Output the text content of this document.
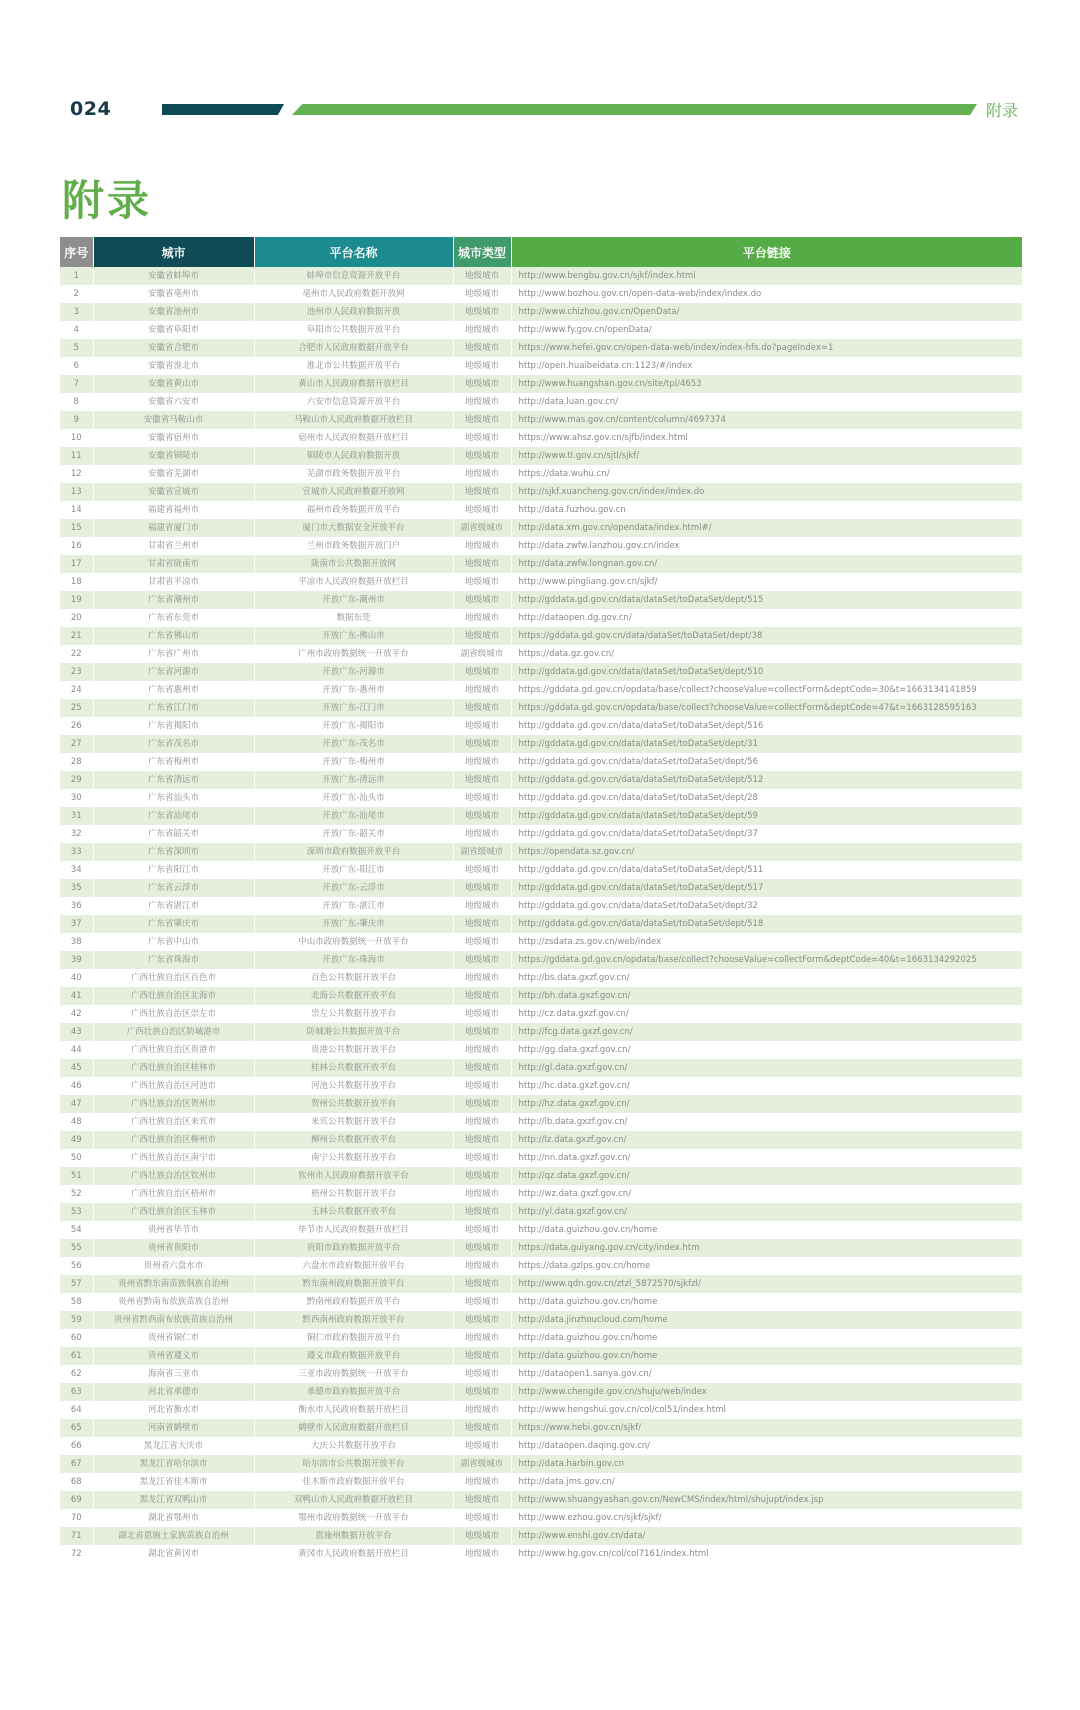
024	附录
附录
序号	城市	平台名称	城市类型	平台链接
1	安徽省蚌埠市	蚌埠市信息资源开放平台	地级城市	http://www.bengbu.gov.cn/sjkf/index.html
2	安徽省亳州市	亳州市人民政府数据开放网	地级城市	http://www.bozhou.gov.cn/open-data-web/index/index.do
3	安徽省池州市	池州市人民政府数据开放	地级城市	http://www.chizhou.gov.cn/OpenData/
4	安徽省阜阳市	阜阳市公共数据开放平台	地级城市	http://www.fy.gov.cn/openData/
5	安徽省合肥市	合肥市人民政府数据开放平台	地级城市	https://www.hefei.gov.cn/open-data-web/index/index-hfs.do?pageIndex=1
6	安徽省淮北市	淮北市公共数据开放平台	地级城市	http://open.huaibeidata.cn:1123/#/index
7	安徽省黄山市	黄山市人民政府数据开放栏目	地级城市	http://www.huangshan.gov.cn/site/tpl/4653
8	安徽省六安市	六安市信息资源开放平台	地级城市	http://data.luan.gov.cn/
9	安徽省马鞍山市	马鞍山市人民政府数据开放栏目	地级城市	http://www.mas.gov.cn/content/column/4697374
10	安徽省宿州市	宿州市人民政府数据开放栏目	地级城市	https://www.ahsz.gov.cn/sjfb/index.html
11	安徽省铜陵市	铜陵市人民政府数据开放	地级城市	http://www.tl.gov.cn/sjtl/sjkf/
12	安徽省芜湖市	芜湖市政务数据开放平台	地级城市	https://data.wuhu.cn/
13	安徽省宣城市	宣城市人民政府数据开放网	地级城市	http://sjkf.xuancheng.gov.cn/index/index.do
14	福建省福州市	福州市政务数据开放平台	地级城市	http://data.fuzhou.gov.cn
15	福建省厦门市	厦门市大数据安全开放平台	副省级城市	http://data.xm.gov.cn/opendata/index.html#/
16	甘肃省兰州市	兰州市政务数据开放门户	地级城市	http://data.zwfw.lanzhou.gov.cn/index
17	甘肃省陇南市	陇南市公共数据开放网	地级城市	http://data.zwfw.longnan.gov.cn/
18	甘肃省平凉市	平凉市人民政府数据开放栏目	地级城市	http://www.pingliang.gov.cn/sjkf/
19	广东省潮州市	开放广东-潮州市	地级城市	http://gddata.gd.gov.cn/data/dataSet/toDataSet/dept/515
20	广东省东莞市	数据东莞	地级城市	http://dataopen.dg.gov.cn/
21	广东省佛山市	开放广东-佛山市	地级城市	https://gddata.gd.gov.cn/data/dataSet/toDataSet/dept/38
22	广东省广州市	广州市政府数据统一开放平台	副省级城市	https://data.gz.gov.cn/
23	广东省河源市	开放广东-河源市	地级城市	http://gddata.gd.gov.cn/data/dataSet/toDataSet/dept/510
24	广东省惠州市	开放广东-惠州市	地级城市	https://gddata.gd.gov.cn/opdata/base/collect?chooseValue=collectForm&deptCode=30&t=1663134141859
25	广东省江门市	开放广东-江门市	地级城市	https://gddata.gd.gov.cn/opdata/base/collect?chooseValue=collectForm&deptCode=47&t=1663128595163
26	广东省揭阳市	开放广东-揭阳市	地级城市	http://gddata.gd.gov.cn/data/dataSet/toDataSet/dept/516
27	广东省茂名市	开放广东-茂名市	地级城市	http://gddata.gd.gov.cn/data/dataSet/toDataSet/dept/31
28	广东省梅州市	开放广东-梅州市	地级城市	http://gddata.gd.gov.cn/data/dataSet/toDataSet/dept/56
29	广东省清远市	开放广东-清远市	地级城市	http://gddata.gd.gov.cn/data/dataSet/toDataSet/dept/512
30	广东省汕头市	开放广东-汕头市	地级城市	http://gddata.gd.gov.cn/data/dataSet/toDataSet/dept/28
31	广东省汕尾市	开放广东-汕尾市	地级城市	http://gddata.gd.gov.cn/data/dataSet/toDataSet/dept/59
32	广东省韶关市	开放广东-韶关市	地级城市	http://gddata.gd.gov.cn/data/dataSet/toDataSet/dept/37
33	广东省深圳市	深圳市政府数据开放平台	副省级城市	https://opendata.sz.gov.cn/
34	广东省阳江市	开放广东-阳江市	地级城市	http://gddata.gd.gov.cn/data/dataSet/toDataSet/dept/511
35	广东省云浮市	开放广东-云浮市	地级城市	http://gddata.gd.gov.cn/data/dataSet/toDataSet/dept/517
36	广东省湛江市	开放广东-湛江市	地级城市	http://gddata.gd.gov.cn/data/dataSet/toDataSet/dept/32
37	广东省肇庆市	开放广东-肇庆市	地级城市	http://gddata.gd.gov.cn/data/dataSet/toDataSet/dept/518
38	广东省中山市	中山市政府数据统一开放平台	地级城市	http://zsdata.zs.gov.cn/web/index
39	广东省珠海市	开放广东-珠海市	地级城市	https://gddata.gd.gov.cn/opdata/base/collect?chooseValue=collectForm&deptCode=40&t=1663134292025
40	广西壮族自治区百色市	百色公共数据开放平台	地级城市	http://bs.data.gxzf.gov.cn/
41	广西壮族自治区北海市	北海公共数据开放平台	地级城市	http://bh.data.gxzf.gov.cn/
42	广西壮族自治区崇左市	崇左公共数据开放平台	地级城市	http://cz.data.gxzf.gov.cn/
43	广西壮族自治区防城港市	防城港公共数据开放平台	地级城市	http://fcg.data.gxzf.gov.cn/
44	广西壮族自治区贵港市	贵港公共数据开放平台	地级城市	http://gg.data.gxzf.gov.cn/
45	广西壮族自治区桂林市	桂林公共数据开放平台	地级城市	http://gl.data.gxzf.gov.cn/
46	广西壮族自治区河池市	河池公共数据开放平台	地级城市	http://hc.data.gxzf.gov.cn/
47	广西壮族自治区贺州市	贺州公共数据开放平台	地级城市	http://hz.data.gxzf.gov.cn/
48	广西壮族自治区来宾市	来宾公共数据开放平台	地级城市	http://lb.data.gxzf.gov.cn/
49	广西壮族自治区柳州市	柳州公共数据开放平台	地级城市	http://lz.data.gxzf.gov.cn/
50	广西壮族自治区南宁市	南宁公共数据开放平台	地级城市	http://nn.data.gxzf.gov.cn/
51	广西壮族自治区钦州市	钦州市人民政府数据开放平台	地级城市	http://qz.data.gxzf.gov.cn/
52	广西壮族自治区梧州市	梧州公共数据开放平台	地级城市	http://wz.data.gxzf.gov.cn/
53	广西壮族自治区玉林市	玉林公共数据开放平台	地级城市	http://yl.data.gxzf.gov.cn/
54	贵州省毕节市	毕节市人民政府数据开放栏目	地级城市	http://data.guizhou.gov.cn/home
55	贵州省贵阳市	贵阳市政府数据开放平台	地级城市	https://data.guiyang.gov.cn/city/index.htm
56	贵州省六盘水市	六盘水市政府数据开放平台	地级城市	https://data.gzlps.gov.cn/home
57	贵州省黔东南苗族侗族自治州	黔东南州政府数据开放平台	地级城市	http://www.qdn.gov.cn/ztzl_5872570/sjkfzl/
58	贵州省黔南布依族苗族自治州	黔南州政府数据开放平台	地级城市	http://data.guizhou.gov.cn/home
59	贵州省黔西南布依族苗族自治州	黔西南州政府数据开放平台	地级城市	http://data.jinzhoucloud.com/home
60	贵州省铜仁市	铜仁市政府数据开放平台	地级城市	http://data.guizhou.gov.cn/home
61	贵州省遵义市	遵义市政府数据开放平台	地级城市	http://data.guizhou.gov.cn/home
62	海南省三亚市	三亚市政府数据统一开放平台	地级城市	http://dataopen1.sanya.gov.cn/
63	河北省承德市	承德市政府数据开放平台	地级城市	http://www.chengde.gov.cn/shuju/web/index
64	河北省衡水市	衡水市人民政府数据开放栏目	地级城市	http://www.hengshui.gov.cn/col/col51/index.html
65	河南省鹤壁市	鹤壁市人民政府数据开放栏目	地级城市	https://www.hebi.gov.cn/sjkf/
66	黑龙江省大庆市	大庆公共数据开放平台	地级城市	http://dataopen.daqing.gov.cn/
67	黑龙江省哈尔滨市	哈尔滨市公共数据开放平台	副省级城市	http://data.harbin.gov.cn
68	黑龙江省佳木斯市	佳木斯市政府数据开放平台	地级城市	http://data.jms.gov.cn/
69	黑龙江省双鸭山市	双鸭山市人民政府数据开放栏目	地级城市	http://www.shuangyashan.gov.cn/NewCMS/index/html/shujupt/index.jsp
70	湖北省鄂州市	鄂州市政府数据统一开放平台	地级城市	http://www.ezhou.gov.cn/sjkf/sjkf/
71	湖北省恩施土家族苗族自治州	恩施州数据开放平台	地级城市	http://www.enshi.gov.cn/data/
72	湖北省黄冈市	黄冈市人民政府数据开放栏目	地级城市	http://www.hg.gov.cn/col/col7161/index.html
